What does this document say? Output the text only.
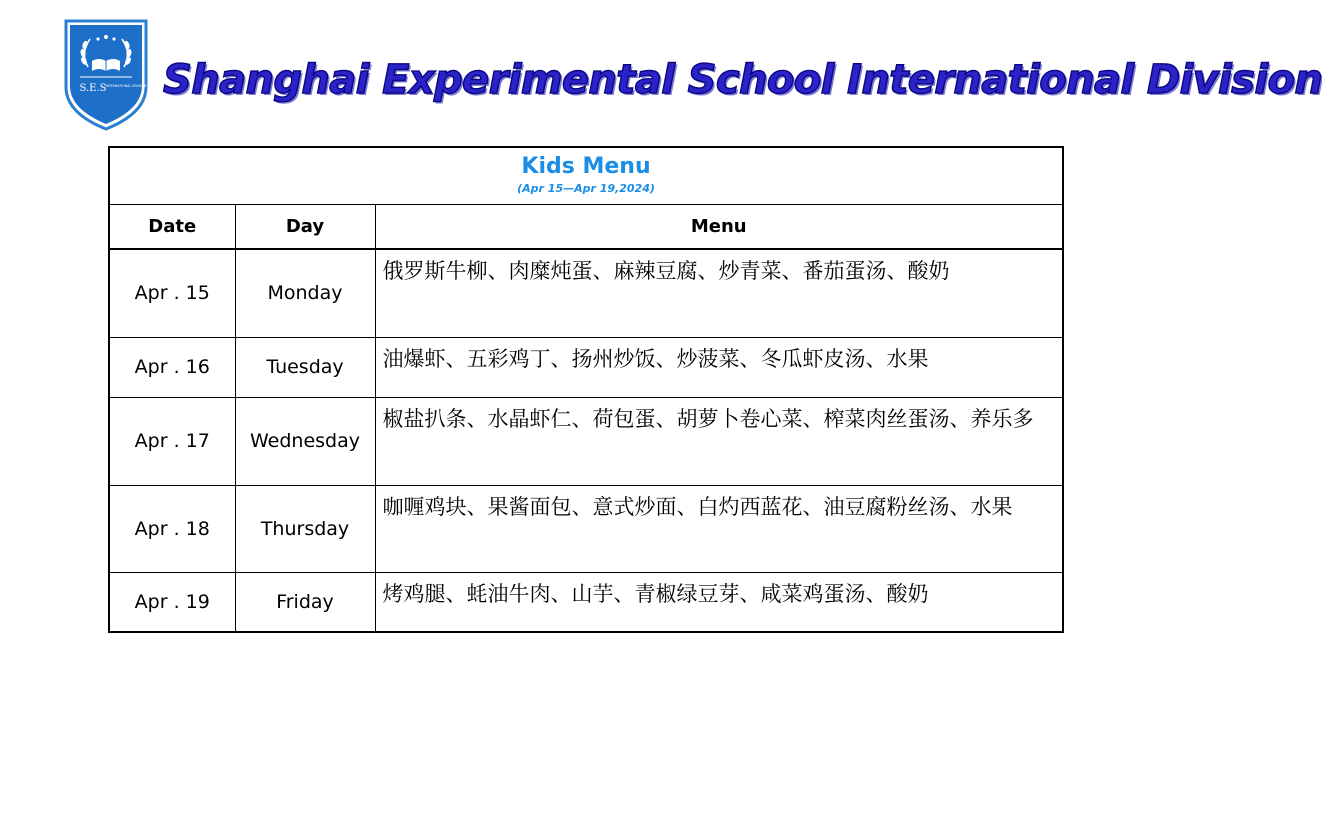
S.E.S INTERNATIONAL DIVISION Shanghai Experimental School International Division
Kids Menu
(Apr 15—Apr 19,2024)		

Date	Day	Menu
Apr . 15	Monday	俄罗斯牛柳、肉糜炖蛋、麻辣豆腐、炒青菜、番茄蛋汤、酸奶
Apr . 16	Tuesday	油爆虾、五彩鸡丁、扬州炒饭、炒菠菜、冬瓜虾皮汤、水果
Apr . 17	Wednesday	椒盐扒条、水晶虾仁、荷包蛋、胡萝卜卷心菜、榨菜肉丝蛋汤、养乐多
Apr . 18	Thursday	咖喱鸡块、果酱面包、意式炒面、白灼西蓝花、油豆腐粉丝汤、水果
Apr . 19	Friday	烤鸡腿、蚝油牛肉、山芋、青椒绿豆芽、咸菜鸡蛋汤、酸奶
